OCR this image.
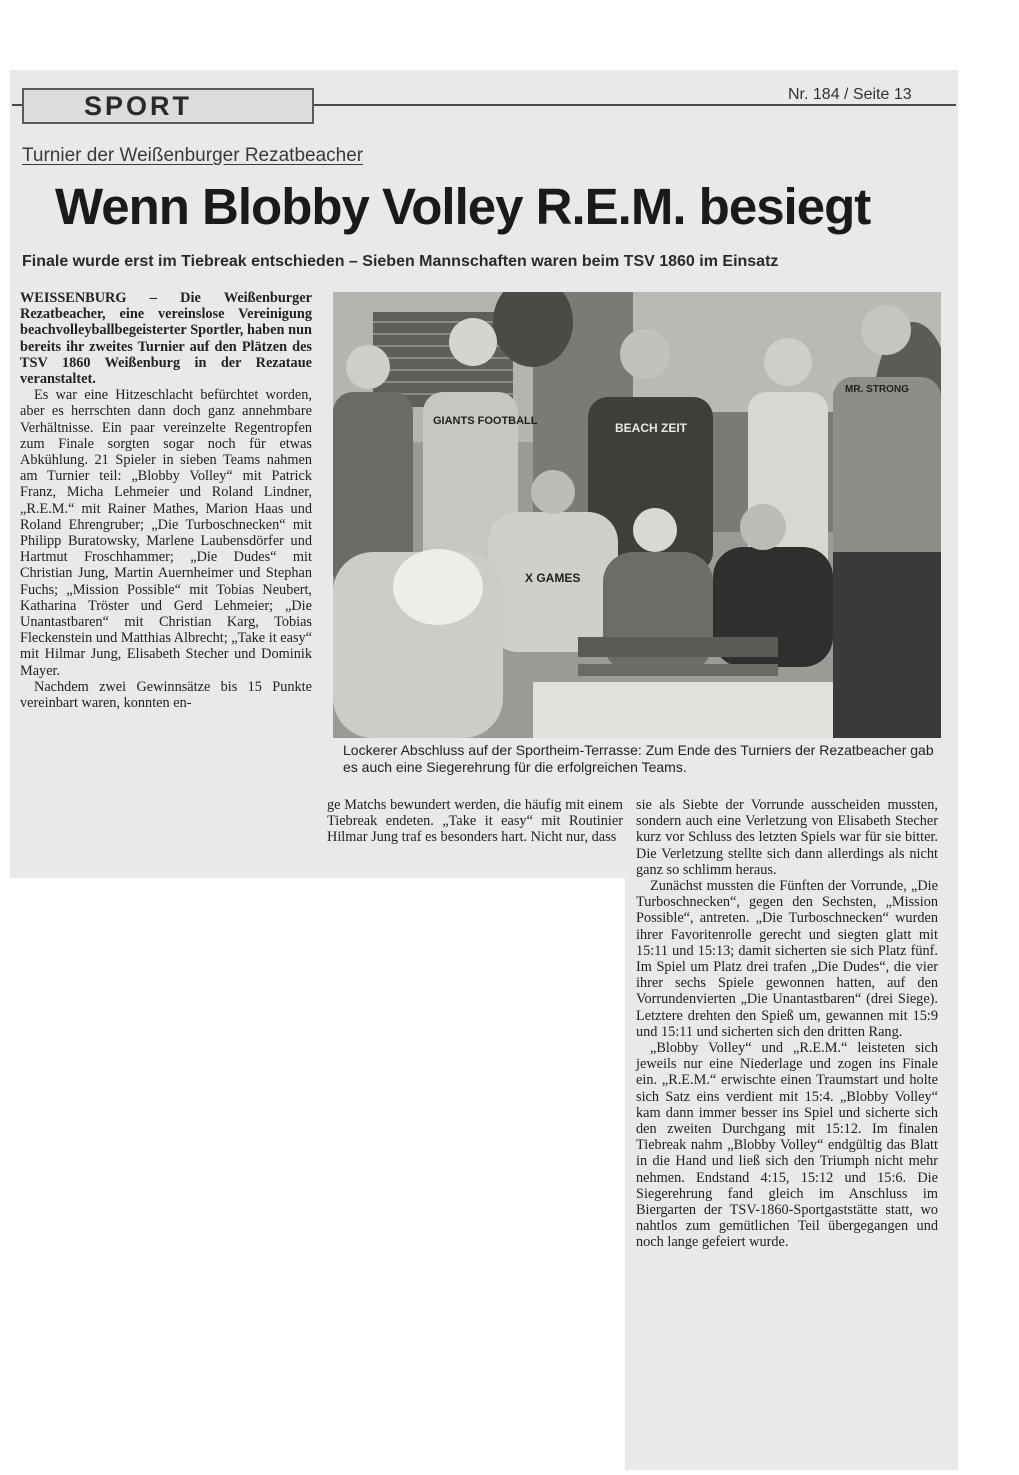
SPORT	Nr. 184 / Seite 13
Turnier der Weißenburger Rezatbeacher
Wenn Blobby Volley R.E.M. besiegt
Finale wurde erst im Tiebreak entschieden – Sieben Mannschaften waren beim TSV 1860 im Einsatz

WEISSENBURG – Die Weißenburger Rezatbeacher, eine vereinslose Vereinigung beachvolleyballbegeisterter Sportler, haben nun bereits ihr zweites Turnier auf den Plätzen des TSV 1860 Weißenburg in der Rezataue veranstaltet.

Es war eine Hitzeschlacht befürchtet worden, aber es herrschten dann doch ganz annehmbare Verhältnisse. Ein paar vereinzelte Regentropfen zum Finale sorgten sogar noch für etwas Abkühlung. 21 Spieler in sieben Teams nahmen am Turnier teil: „Blobby Volley“ mit Patrick Franz, Micha Lehmeier und Roland Lindner, „R.E.M.“ mit Rainer Mathes, Marion Haas und Roland Ehrengruber; „Die Turboschnecken“ mit Philipp Buratowsky, Marlene Laubensdörfer und Hartmut Froschhammer; „Die Dudes“ mit Christian Jung, Martin Auernheimer und Stephan Fuchs; „Mission Possible“ mit Tobias Neubert, Katharina Tröster und Gerd Lehmeier; „Die Unantastbaren“ mit Christian Karg, Tobias Fleckenstein und Matthias Albrecht; „Take it easy“ mit Hilmar Jung, Elisabeth Stecher und Dominik Mayer.

Nachdem zwei Gewinnsätze bis 15 Punkte vereinbart waren, konnten en-

GIANTS FOOTBALL	BEACH ZEIT
X GAMES
MR. STRONG
Lockerer Abschluss auf der Sportheim-Terrasse: Zum Ende des Turniers der Rezatbeacher gab es auch eine Siegerehrung für die erfolgreichen Teams.

ge Matchs bewundert werden, die häufig mit einem Tiebreak endeten. „Take it easy“ mit Routinier Hilmar Jung traf es besonders hart. Nicht nur, dass

sie als Siebte der Vorrunde ausscheiden mussten, sondern auch eine Verletzung von Elisabeth Stecher kurz vor Schluss des letzten Spiels war für sie bitter. Die Verletzung stellte sich dann allerdings als nicht ganz so schlimm heraus.

Zunächst mussten die Fünften der Vorrunde, „Die Turboschnecken“, gegen den Sechsten, „Mission Possible“, antreten. „Die Turboschnecken“ wurden ihrer Favoritenrolle gerecht und siegten glatt mit 15:11 und 15:13; damit sicherten sie sich Platz fünf. Im Spiel um Platz drei trafen „Die Dudes“, die vier ihrer sechs Spiele gewonnen hatten, auf den Vorrundenvierten „Die Unantastbaren“ (drei Siege). Letztere drehten den Spieß um, gewannen mit 15:9 und 15:11 und sicherten sich den dritten Rang.

„Blobby Volley“ und „R.E.M.“ leisteten sich jeweils nur eine Niederlage und zogen ins Finale ein. „R.E.M.“ erwischte einen Traumstart und holte sich Satz eins verdient mit 15:4. „Blobby Volley“ kam dann immer besser ins Spiel und sicherte sich den zweiten Durchgang mit 15:12. Im finalen Tiebreak nahm „Blobby Volley“ endgültig das Blatt in die Hand und ließ sich den Triumph nicht mehr nehmen. Endstand 4:15, 15:12 und 15:6. Die Siegerehrung fand gleich im Anschluss im Biergarten der TSV-1860-Sportgaststätte statt, wo nahtlos zum gemütlichen Teil übergegangen und noch lange gefeiert wurde.
